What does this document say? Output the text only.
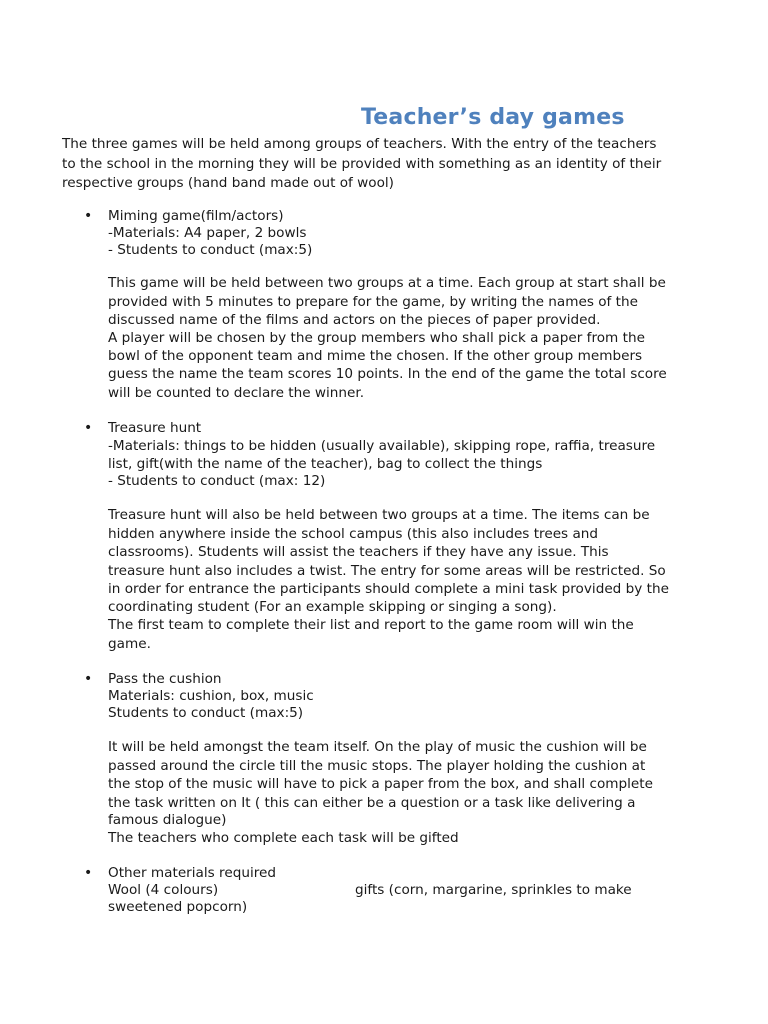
Teacher’s day games
The three games will be held among groups of teachers. With the entry of the teachers
to the school in the morning they will be provided with something as an identity of their
respective groups (hand band made out of wool)
• Miming game(film/actors)
-Materials: A4 paper, 2 bowls
- Students to conduct (max:5)
This game will be held between two groups at a time. Each group at start shall be
provided with 5 minutes to prepare for the game, by writing the names of the
discussed name of the films and actors on the pieces of paper provided.
A player will be chosen by the group members who shall pick a paper from the
bowl of the opponent team and mime the chosen. If the other group members
guess the name the team scores 10 points. In the end of the game the total score
will be counted to declare the winner.
• Treasure hunt
-Materials: things to be hidden (usually available), skipping rope, raffia, treasure
list, gift(with the name of the teacher), bag to collect the things
- Students to conduct (max: 12)
Treasure hunt will also be held between two groups at a time. The items can be
hidden anywhere inside the school campus (this also includes trees and
classrooms). Students will assist the teachers if they have any issue. This
treasure hunt also includes a twist. The entry for some areas will be restricted. So
in order for entrance the participants should complete a mini task provided by the
coordinating student (For an example skipping or singing a song).
The first team to complete their list and report to the game room will win the
game.
• Pass the cushion
Materials: cushion, box, music
Students to conduct (max:5)
It will be held amongst the team itself. On the play of music the cushion will be
passed around the circle till the music stops. The player holding the cushion at
the stop of the music will have to pick a paper from the box, and shall complete
the task written on It ( this can either be a question or a task like delivering a
famous dialogue)
The teachers who complete each task will be gifted
• Other materials required
Wool (4 colours)
sweetened popcorn)
gifts (corn, margarine, sprinkles to make
